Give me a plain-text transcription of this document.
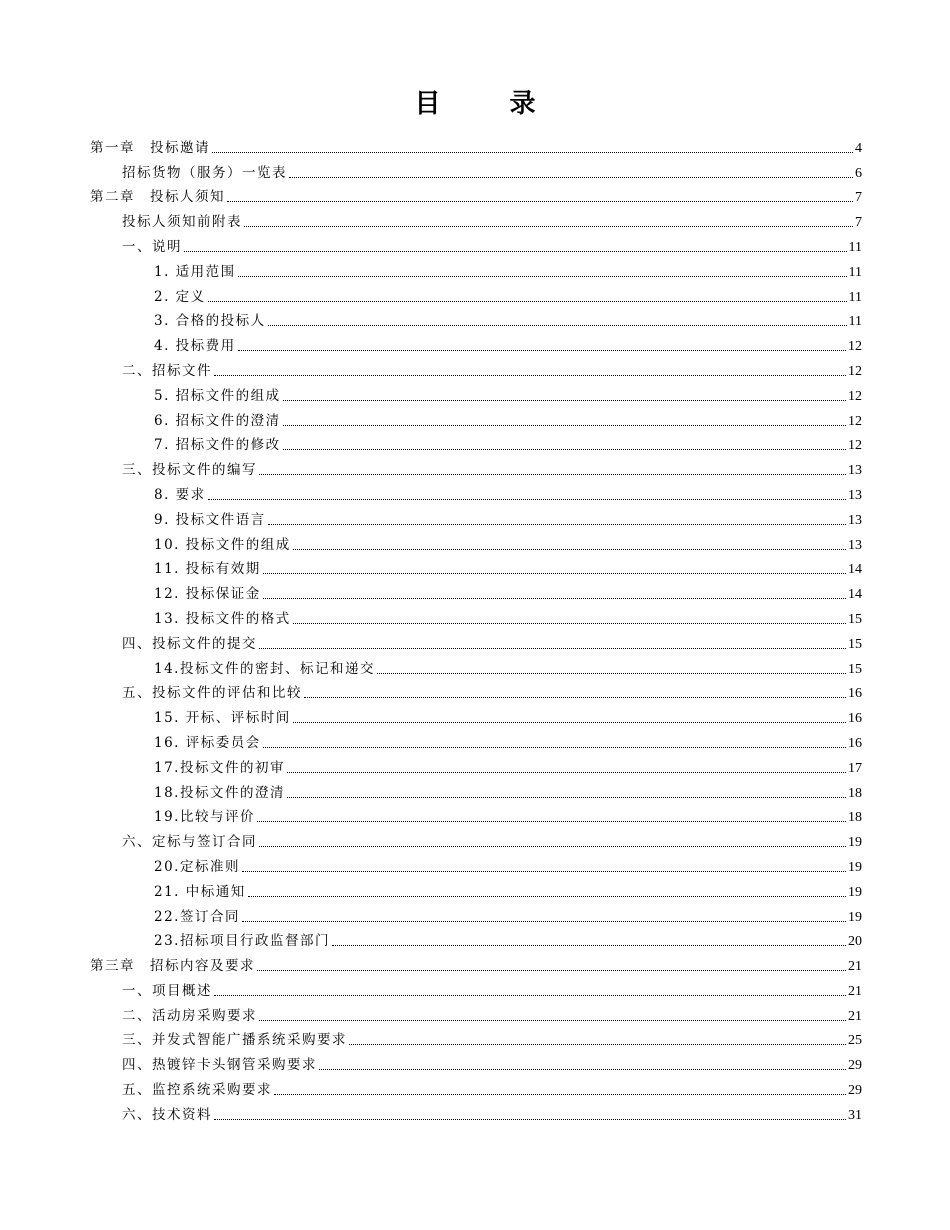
目 录
第一章　投标邀请	4
招标货物（服务）一览表	6
第二章　投标人须知	7
投标人须知前附表	7
一、说明	11
1. 适用范围	11
2. 定义	11
3. 合格的投标人	11
4. 投标费用	12
二、招标文件	12
5. 招标文件的组成	12
6. 招标文件的澄清	12
7. 招标文件的修改	12
三、投标文件的编写	13
8. 要求	13
9. 投标文件语言	13
10. 投标文件的组成	13
11. 投标有效期	14
12. 投标保证金	14
13. 投标文件的格式	15
四、投标文件的提交	15
14.投标文件的密封、标记和递交	15
五、投标文件的评估和比较	16
15. 开标、评标时间	16
16. 评标委员会	16
17.投标文件的初审	17
18.投标文件的澄清	18
19.比较与评价	18
六、定标与签订合同	19
20.定标准则	19
21. 中标通知	19
22.签订合同	19
23.招标项目行政监督部门	20
第三章　招标内容及要求	21
一、项目概述	21
二、活动房采购要求	21
三、并发式智能广播系统采购要求	25
四、热镀锌卡头钢管采购要求	29
五、监控系统采购要求	29
六、技术资料	31
